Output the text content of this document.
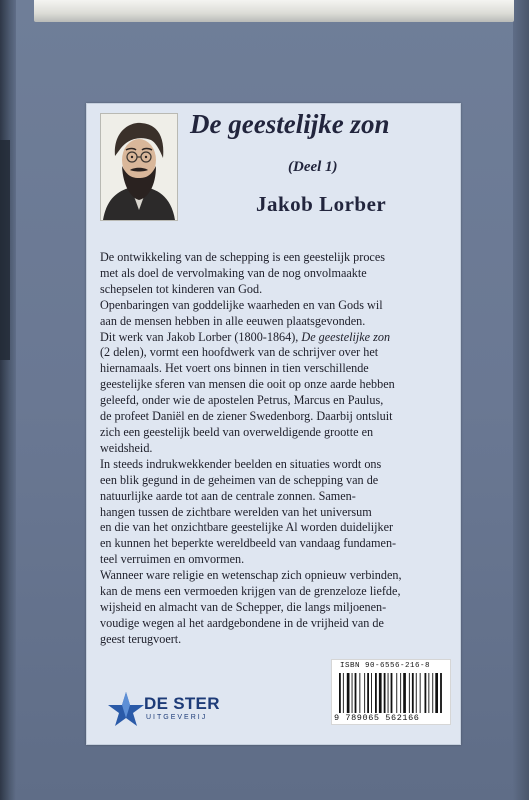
De geestelijke zon
(Deel 1)
Jakob Lorber
De ontwikkeling van de schepping is een geestelijk proces
met als doel de vervolmaking van de nog onvolmaakte
schepselen tot kinderen van God.
Openbaringen van goddelijke waarheden en van Gods wil
aan de mensen hebben in alle eeuwen plaatsgevonden.
Dit werk van Jakob Lorber (1800-1864), De geestelijke zon
(2 delen), vormt een hoofdwerk van de schrijver over het
hiernamaals. Het voert ons binnen in tien verschillende
geestelijke sferen van mensen die ooit op onze aarde hebben
geleefd, onder wie de apostelen Petrus, Marcus en Paulus,
de profeet Daniël en de ziener Swedenborg. Daarbij ontsluit
zich een geestelijk beeld van overweldigende grootte en
weidsheid.
In steeds indrukwekkender beelden en situaties wordt ons
een blik gegund in de geheimen van de schepping van de
natuurlijke aarde tot aan de centrale zonnen. Samen-
hangen tussen de zichtbare werelden van het universum
en die van het onzichtbare geestelijke Al worden duidelijker
en kunnen het beperkte wereldbeeld van vandaag fundamen-
teel verruimen en omvormen.
Wanneer ware religie en wetenschap zich opnieuw verbinden,
kan de mens een vermoeden krijgen van de grenzeloze liefde,
wijsheid en almacht van de Schepper, die langs miljoenen-
voudige wegen al het aardgebondene in de vrijheid van de
geest terugvoert.
DE STER
UITGEVERIJ
ISBN 90-6556-216-8
9 789065 562166
